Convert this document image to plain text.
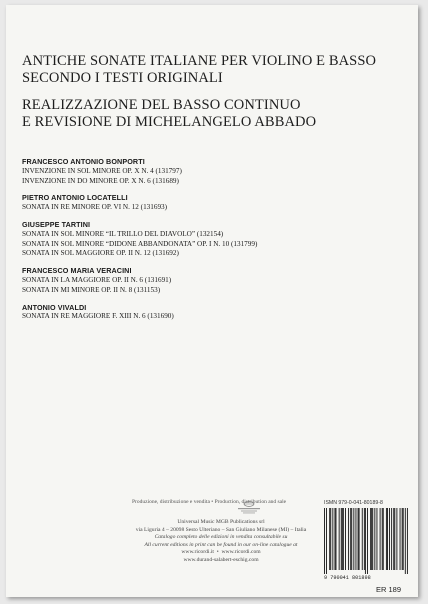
ANTICHE SONATE ITALIANE PER VIOLINO E BASSO
SECONDO I TESTI ORIGINALI
REALIZZAZIONE DEL BASSO CONTINUO
E REVISIONE DI MICHELANGELO ABBADO
FRANCESCO ANTONIO BONPORTI
INVENZIONE IN SOL MINORE OP. X N. 4 (131797)
INVENZIONE IN DO MINORE OP. X N. 6 (131689)
PIETRO ANTONIO LOCATELLI
SONATA IN RE MINORE OP. VI N. 12 (131693)
GIUSEPPE TARTINI
SONATA IN SOL MINORE “IL TRILLO DEL DIAVOLO” (132154)
SONATA IN SOL MINORE “DIDONE ABBANDONATA” OP. I N. 10 (131799)
SONATA IN SOL MAGGIORE OP. II N. 12 (131692)
FRANCESCO MARIA VERACINI
SONATA IN LA MAGGIORE OP. II N. 6 (131691)
SONATA IN MI MINORE OP. II N. 8 (131153)
ANTONIO VIVALDI
SONATA IN RE MAGGIORE F. XIII N. 6 (131690)
Produzione, distribuzione e vendita • Production, distribution and sale
Universal Music MGB Publications srl
via Liguria 4 – 20098 Sesto Ulteriano – San Giuliano Milanese (MI) – Italia
Catalogo completo delle edizioni in vendita consultabile su
All current editions in print can be found in our on-line catalogue at
www.ricordi.it  •  www.ricordi.com
www.durand-salabert-eschig.com
ISMN 979-0-041-80189-8
9 790041 801898
ER 189
